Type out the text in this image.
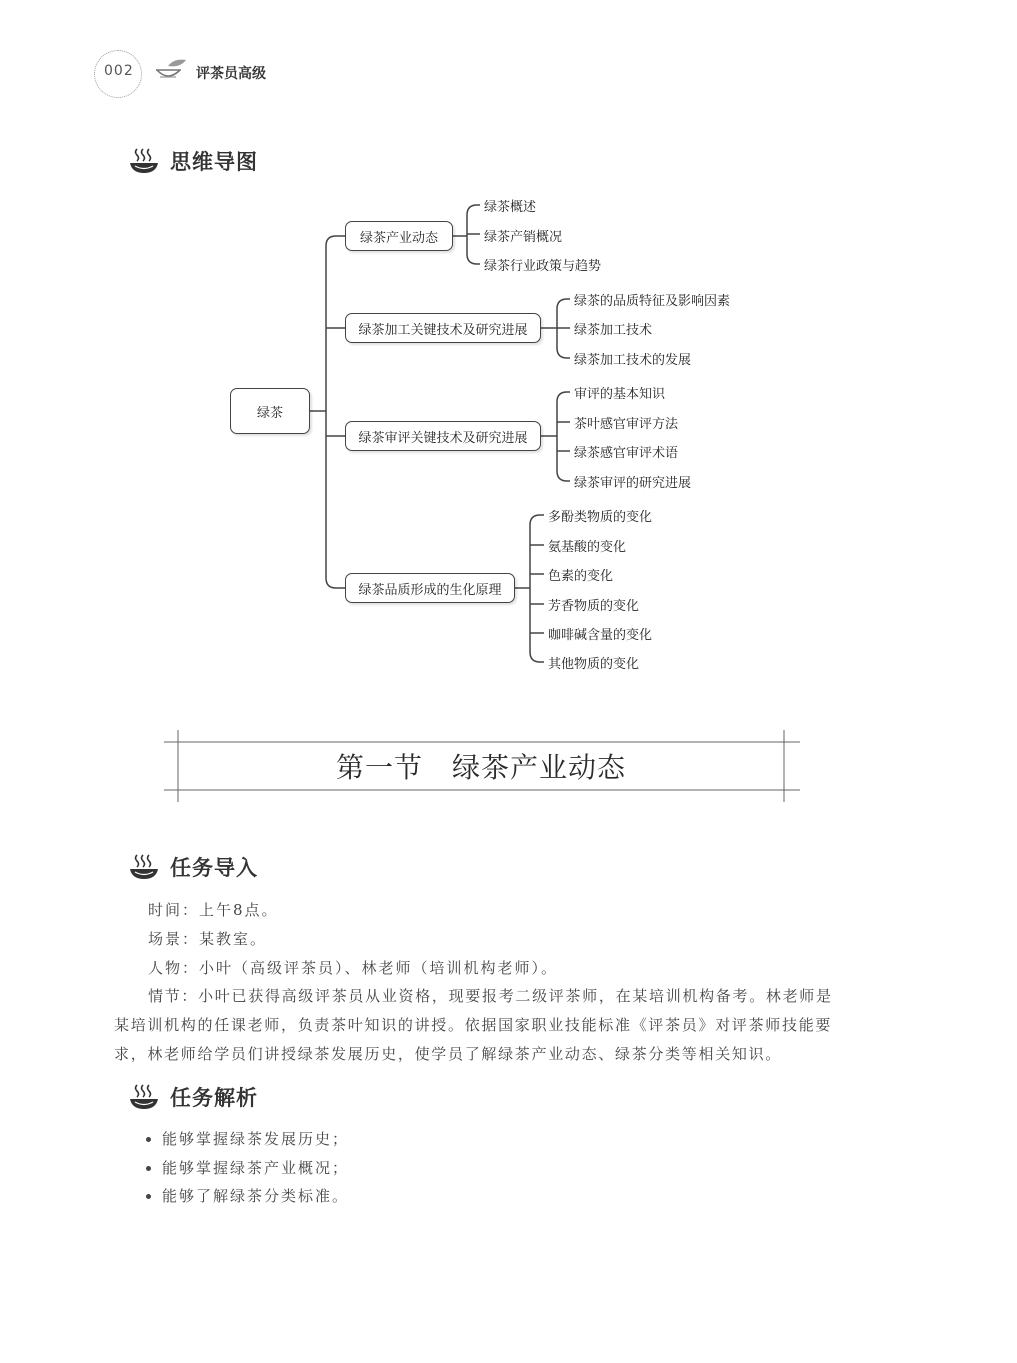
002	评茶员高级
思维导图
绿茶
绿茶产业动态
绿茶加工关键技术及研究进展
绿茶审评关键技术及研究进展
绿茶品质形成的生化原理
绿茶概述
绿茶产销概况
绿茶行业政策与趋势
绿茶的品质特征及影响因素
绿茶加工技术
绿茶加工技术的发展
审评的基本知识
茶叶感官审评方法
绿茶感官审评术语
绿茶审评的研究进展
多酚类物质的变化
氨基酸的变化
色素的变化
芳香物质的变化
咖啡碱含量的变化
其他物质的变化
第一节　绿茶产业动态
任务导入
时间：上午8点。
场景：某教室。
人物：小叶（高级评茶员）、林老师（培训机构老师）。
情节：小叶已获得高级评茶员从业资格，现要报考二级评茶师，在某培训机构备考。林老师是
某培训机构的任课老师，负责茶叶知识的讲授。依据国家职业技能标准《评茶员》对评茶师技能要
求，林老师给学员们讲授绿茶发展历史，使学员了解绿茶产业动态、绿茶分类等相关知识。
任务解析
能够掌握绿茶发展历史；
能够掌握绿茶产业概况；
能够了解绿茶分类标准。
